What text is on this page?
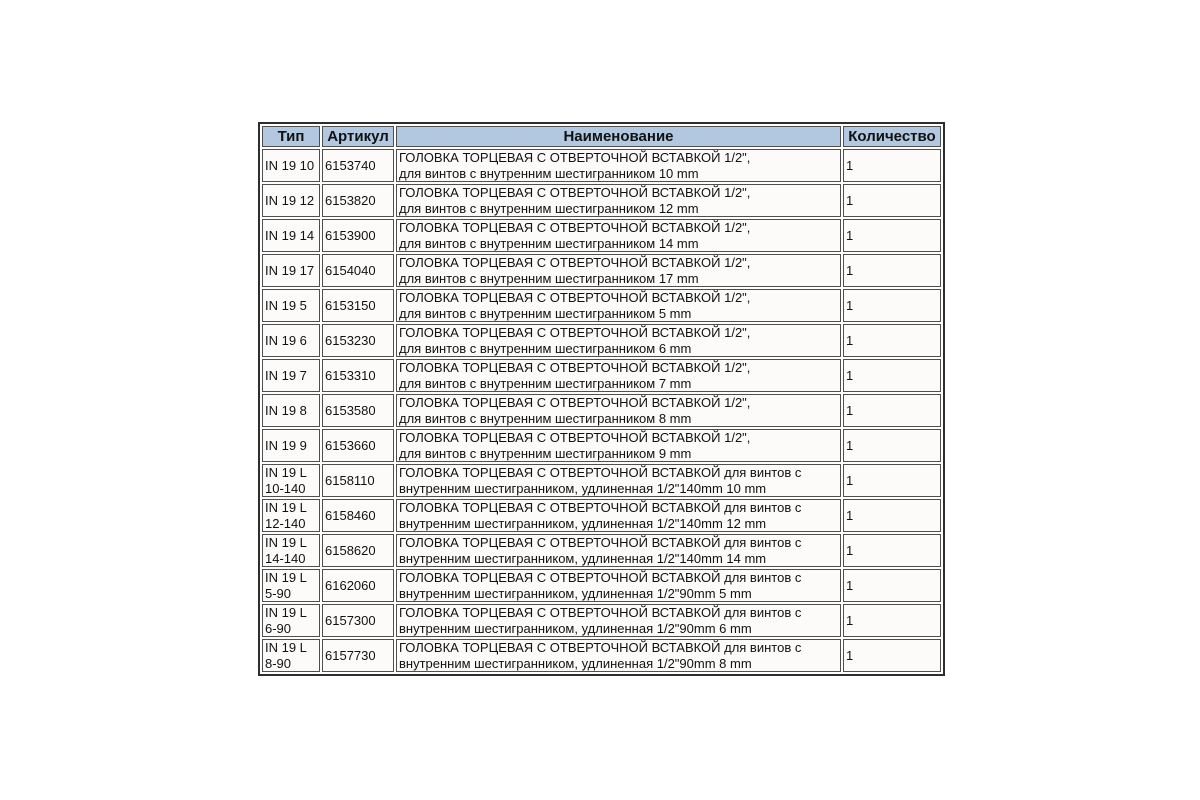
Тип	Артикул	Наименование	Количество
IN 19 10	6153740	ГОЛОВКА ТОРЦЕВАЯ С ОТВЕРТОЧНОЙ ВСТАВКОЙ 1/2",
для винтов с внутренним шестигранником 10 mm	1
IN 19 12	6153820	ГОЛОВКА ТОРЦЕВАЯ С ОТВЕРТОЧНОЙ ВСТАВКОЙ 1/2",
для винтов с внутренним шестигранником 12 mm	1
IN 19 14	6153900	ГОЛОВКА ТОРЦЕВАЯ С ОТВЕРТОЧНОЙ ВСТАВКОЙ 1/2",
для винтов с внутренним шестигранником 14 mm	1
IN 19 17	6154040	ГОЛОВКА ТОРЦЕВАЯ С ОТВЕРТОЧНОЙ ВСТАВКОЙ 1/2",
для винтов с внутренним шестигранником 17 mm	1
IN 19 5	6153150	ГОЛОВКА ТОРЦЕВАЯ С ОТВЕРТОЧНОЙ ВСТАВКОЙ 1/2",
для винтов с внутренним шестигранником 5 mm	1
IN 19 6	6153230	ГОЛОВКА ТОРЦЕВАЯ С ОТВЕРТОЧНОЙ ВСТАВКОЙ 1/2",
для винтов с внутренним шестигранником 6 mm	1
IN 19 7	6153310	ГОЛОВКА ТОРЦЕВАЯ С ОТВЕРТОЧНОЙ ВСТАВКОЙ 1/2",
для винтов с внутренним шестигранником 7 mm	1
IN 19 8	6153580	ГОЛОВКА ТОРЦЕВАЯ С ОТВЕРТОЧНОЙ ВСТАВКОЙ 1/2",
для винтов с внутренним шестигранником 8 mm	1
IN 19 9	6153660	ГОЛОВКА ТОРЦЕВАЯ С ОТВЕРТОЧНОЙ ВСТАВКОЙ 1/2",
для винтов с внутренним шестигранником 9 mm	1
IN 19 L 10-140	6158110	ГОЛОВКА ТОРЦЕВАЯ С ОТВЕРТОЧНОЙ ВСТАВКОЙ для винтов с
внутренним шестигранником, удлиненная 1/2"140mm 10 mm	1
IN 19 L 12-140	6158460	ГОЛОВКА ТОРЦЕВАЯ С ОТВЕРТОЧНОЙ ВСТАВКОЙ для винтов с
внутренним шестигранником, удлиненная 1/2"140mm 12 mm	1
IN 19 L 14-140	6158620	ГОЛОВКА ТОРЦЕВАЯ С ОТВЕРТОЧНОЙ ВСТАВКОЙ для винтов с
внутренним шестигранником, удлиненная 1/2"140mm 14 mm	1
IN 19 L 5-90	6162060	ГОЛОВКА ТОРЦЕВАЯ С ОТВЕРТОЧНОЙ ВСТАВКОЙ для винтов с
внутренним шестигранником, удлиненная 1/2"90mm 5 mm	1
IN 19 L 6-90	6157300	ГОЛОВКА ТОРЦЕВАЯ С ОТВЕРТОЧНОЙ ВСТАВКОЙ для винтов с
внутренним шестигранником, удлиненная 1/2"90mm 6 mm	1
IN 19 L 8-90	6157730	ГОЛОВКА ТОРЦЕВАЯ С ОТВЕРТОЧНОЙ ВСТАВКОЙ для винтов с
внутренним шестигранником, удлиненная 1/2"90mm 8 mm	1
